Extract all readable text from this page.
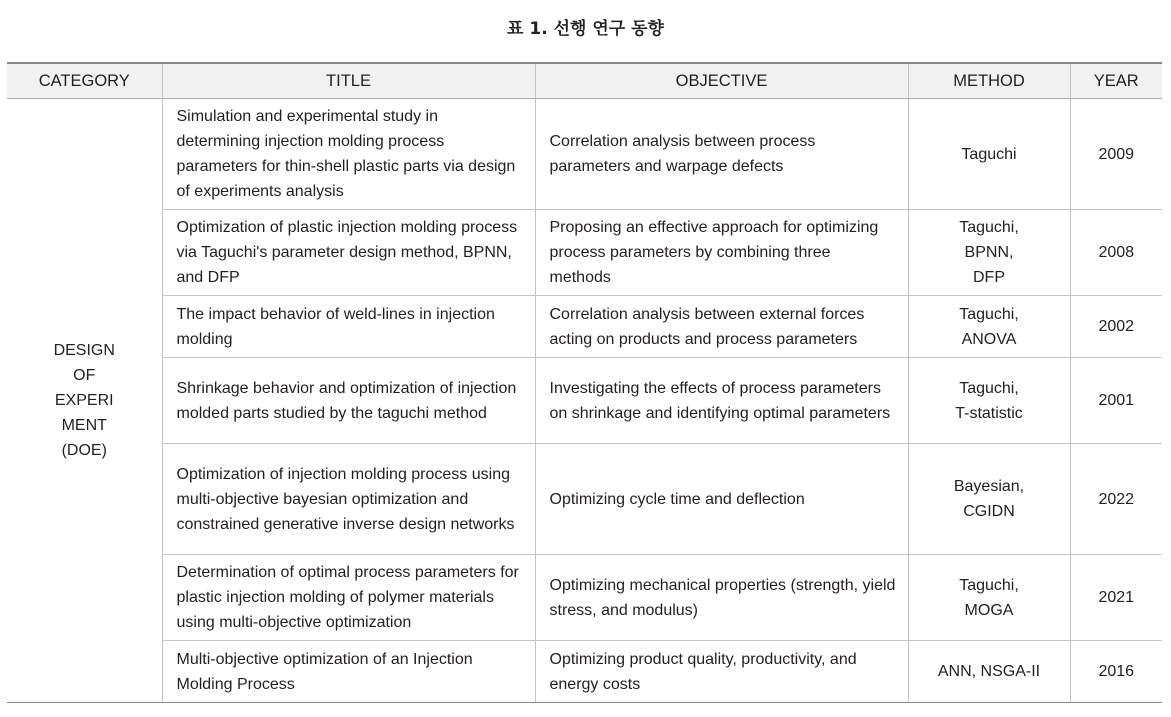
표 1. 선행 연구 동향
CATEGORY	TITLE	OBJECTIVE	METHOD	YEAR

DESIGN
OF
EXPERI
MENT
(DOE)	Simulation and experimental study in determining injection molding process parameters for thin-shell plastic parts via design of experiments analysis	Correlation analysis between process parameters and warpage defects	Taguchi	2009
	Optimization of plastic injection molding process via Taguchi's parameter design method, BPNN, and DFP	Proposing an effective approach for optimizing process parameters by combining three methods	Taguchi,
BPNN,
DFP	2008
	The impact behavior of weld-lines in injection molding	Correlation analysis between external forces acting on products and process parameters	Taguchi,
ANOVA	2002
	Shrinkage behavior and optimization of injection molded parts studied by the taguchi method	Investigating the effects of process parameters on shrinkage and identifying optimal parameters	Taguchi,
T-statistic	2001
	Optimization of injection molding process using multi-objective bayesian optimization and constrained generative inverse design networks	Optimizing cycle time and deflection	Bayesian,
CGIDN	2022
	Determination of optimal process parameters for plastic injection molding of polymer materials using multi-objective optimization	Optimizing mechanical properties (strength, yield stress, and modulus)	Taguchi,
MOGA	2021
	Multi-objective optimization of an Injection Molding Process	Optimizing product quality, productivity, and energy costs	ANN, NSGA-II	2016
